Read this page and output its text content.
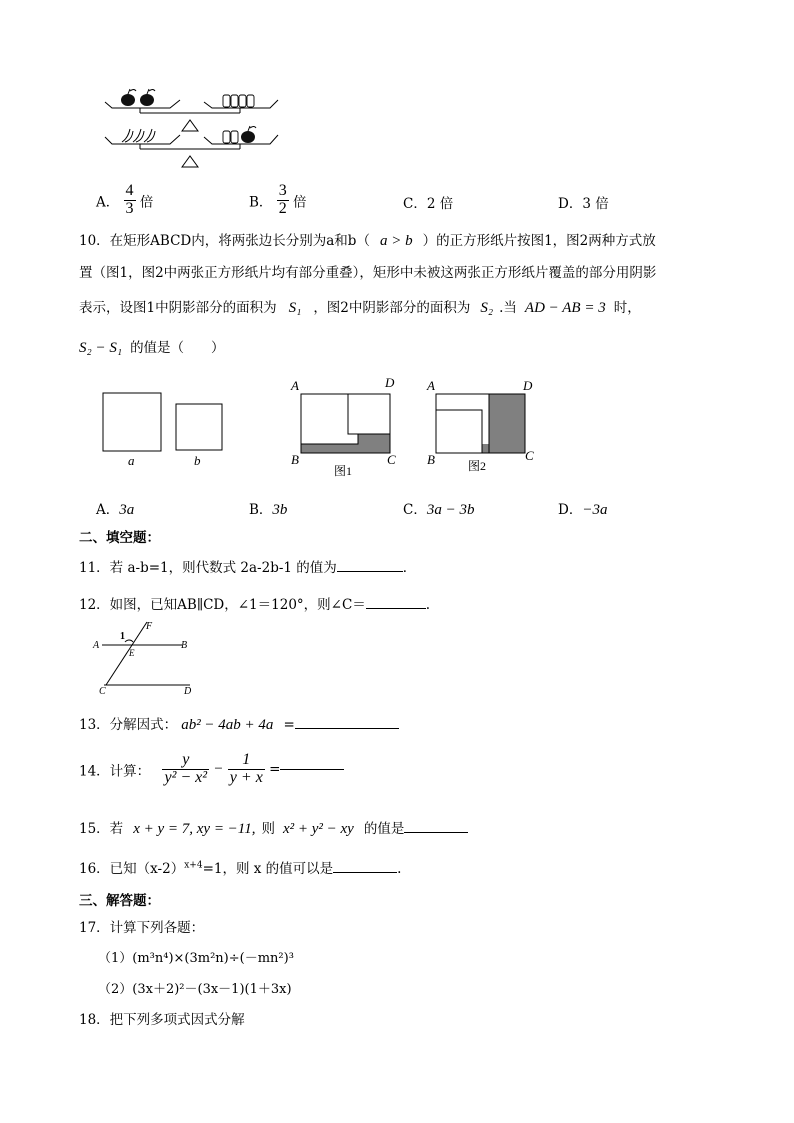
A． $\frac{4}{3}$ 倍	B． $\frac{3}{2}$ 倍	C．2 倍	D．3 倍
10．在矩形ABCD内，将两张边长分别为a和b（ a > b ）的正方形纸片按图1，图2两种方式放
置（图1，图2中两张正方形纸片均有部分重叠），矩形中未被这两张正方形纸片覆盖的部分用阴影
表示，设图1中阴影部分的面积为 S₁ ，图2中阴影部分的面积为 S₂ .当 AD − AB = 3 时，
S₂ − S₁ 的值是（　　）
a	b
A	D
B	C
图1
A	D
B	C
图2
A．3a	B．3b	C．3a − 3b	D．−3a
二、填空题：
11．若 a-b=1，则代数式 2a-2b-1 的值为	．
12．如图，已知AB∥CD，∠1＝120°，则∠C＝	.
F
1
A	B
E
C	D
13．分解因式： ab² − 4ab + 4a =
14．计算： $\frac{y}{\text{y² − x²}} - \frac{1}{y + x}$ =
15．若 x + y = 7, xy = −11, 则 x² + y² − xy 的值是
16．已知$(x-2)^{x+4}=1$，则 x 的值可以是	.
三、解答题：
17．计算下列各题：
（1）(m³n⁴)×(3m²n)÷(－mn²)³
（2）(3x＋2)²－(3x－1)(1＋3x)
18．把下列多项式因式分解
